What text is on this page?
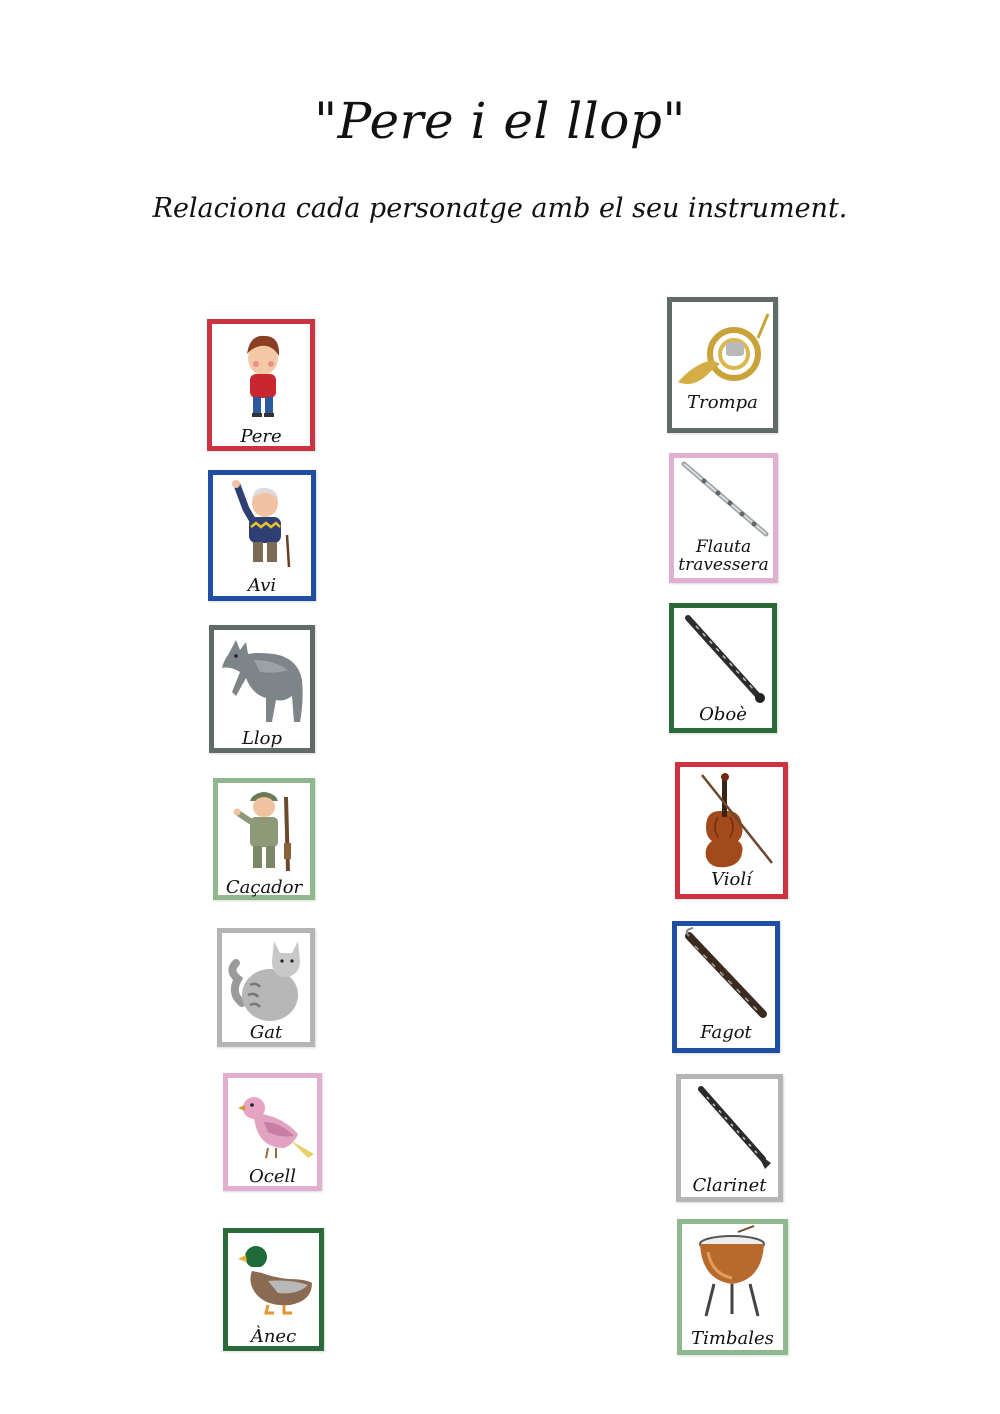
"Pere i el llop"
Relaciona cada personatge amb el seu instrument.
Pere
Avi
Llop
Caçador
Gat
Ocell
Ànec
Trompa
Flauta
travessera
Oboè
Violí
Fagot
Clarinet
Timbales
